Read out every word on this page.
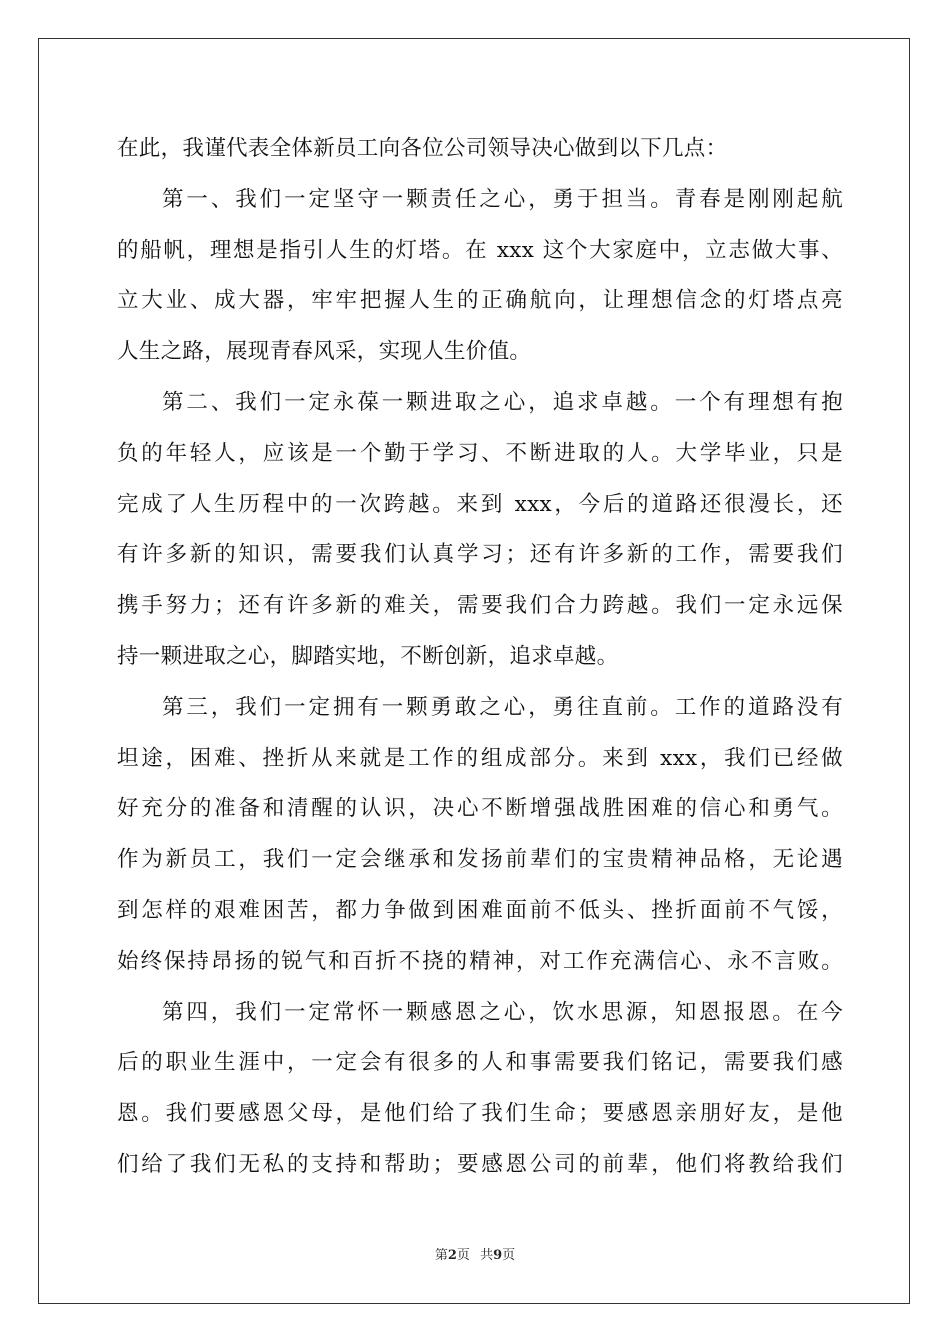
在此，我谨代表全体新员工向各位公司领导决心做到以下几点：
第一、我们一定坚守一颗责任之心，勇于担当。青春是刚刚起航
的船帆，理想是指引人生的灯塔。在 xxx 这个大家庭中，立志做大事、
立大业、成大器，牢牢把握人生的正确航向，让理想信念的灯塔点亮
人生之路，展现青春风采，实现人生价值。
第二、我们一定永葆一颗进取之心，追求卓越。一个有理想有抱
负的年轻人，应该是一个勤于学习、不断进取的人。大学毕业，只是
完成了人生历程中的一次跨越。来到 xxx，今后的道路还很漫长，还
有许多新的知识，需要我们认真学习；还有许多新的工作，需要我们
携手努力；还有许多新的难关，需要我们合力跨越。我们一定永远保
持一颗进取之心，脚踏实地，不断创新，追求卓越。
第三，我们一定拥有一颗勇敢之心，勇往直前。工作的道路没有
坦途，困难、挫折从来就是工作的组成部分。来到 xxx，我们已经做
好充分的准备和清醒的认识，决心不断增强战胜困难的信心和勇气。
作为新员工，我们一定会继承和发扬前辈们的宝贵精神品格，无论遇
到怎样的艰难困苦，都力争做到困难面前不低头、挫折面前不气馁，
始终保持昂扬的锐气和百折不挠的精神，对工作充满信心、永不言败。
第四，我们一定常怀一颗感恩之心，饮水思源，知恩报恩。在今
后的职业生涯中，一定会有很多的人和事需要我们铭记，需要我们感
恩。我们要感恩父母，是他们给了我们生命；要感恩亲朋好友，是他
们给了我们无私的支持和帮助；要感恩公司的前辈，他们将教给我们
第2页 共9页
